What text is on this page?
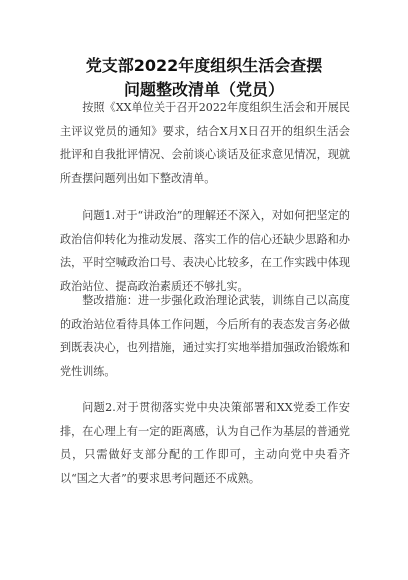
党支部2022年度组织生活会查摆
问题整改清单（党员）

按照《XX单位关于召开2022年度组织生活会和开展民主评议党员的通知》要求，结合X月X日召开的组织生活会批评和自我批评情况、会前谈心谈话及征求意见情况，现就所查摆问题列出如下整改清单。

问题1.对于“讲政治”的理解还不深入，对如何把坚定的政治信仰转化为推动发展、落实工作的信心还缺少思路和办法，平时空喊政治口号、表决心比较多，在工作实践中体现政治站位、提高政治素质还不够扎实。

整改措施：进一步强化政治理论武装，训练自己以高度的政治站位看待具体工作问题，今后所有的表态发言务必做到既表决心，也列措施，通过实打实地举措加强政治锻炼和党性训练。

问题2.对于贯彻落实党中央决策部署和XX党委工作安排，在心理上有一定的距离感，认为自己作为基层的普通党员，只需做好支部分配的工作即可，主动向党中央看齐以“国之大者”的要求思考问题还不成熟。
